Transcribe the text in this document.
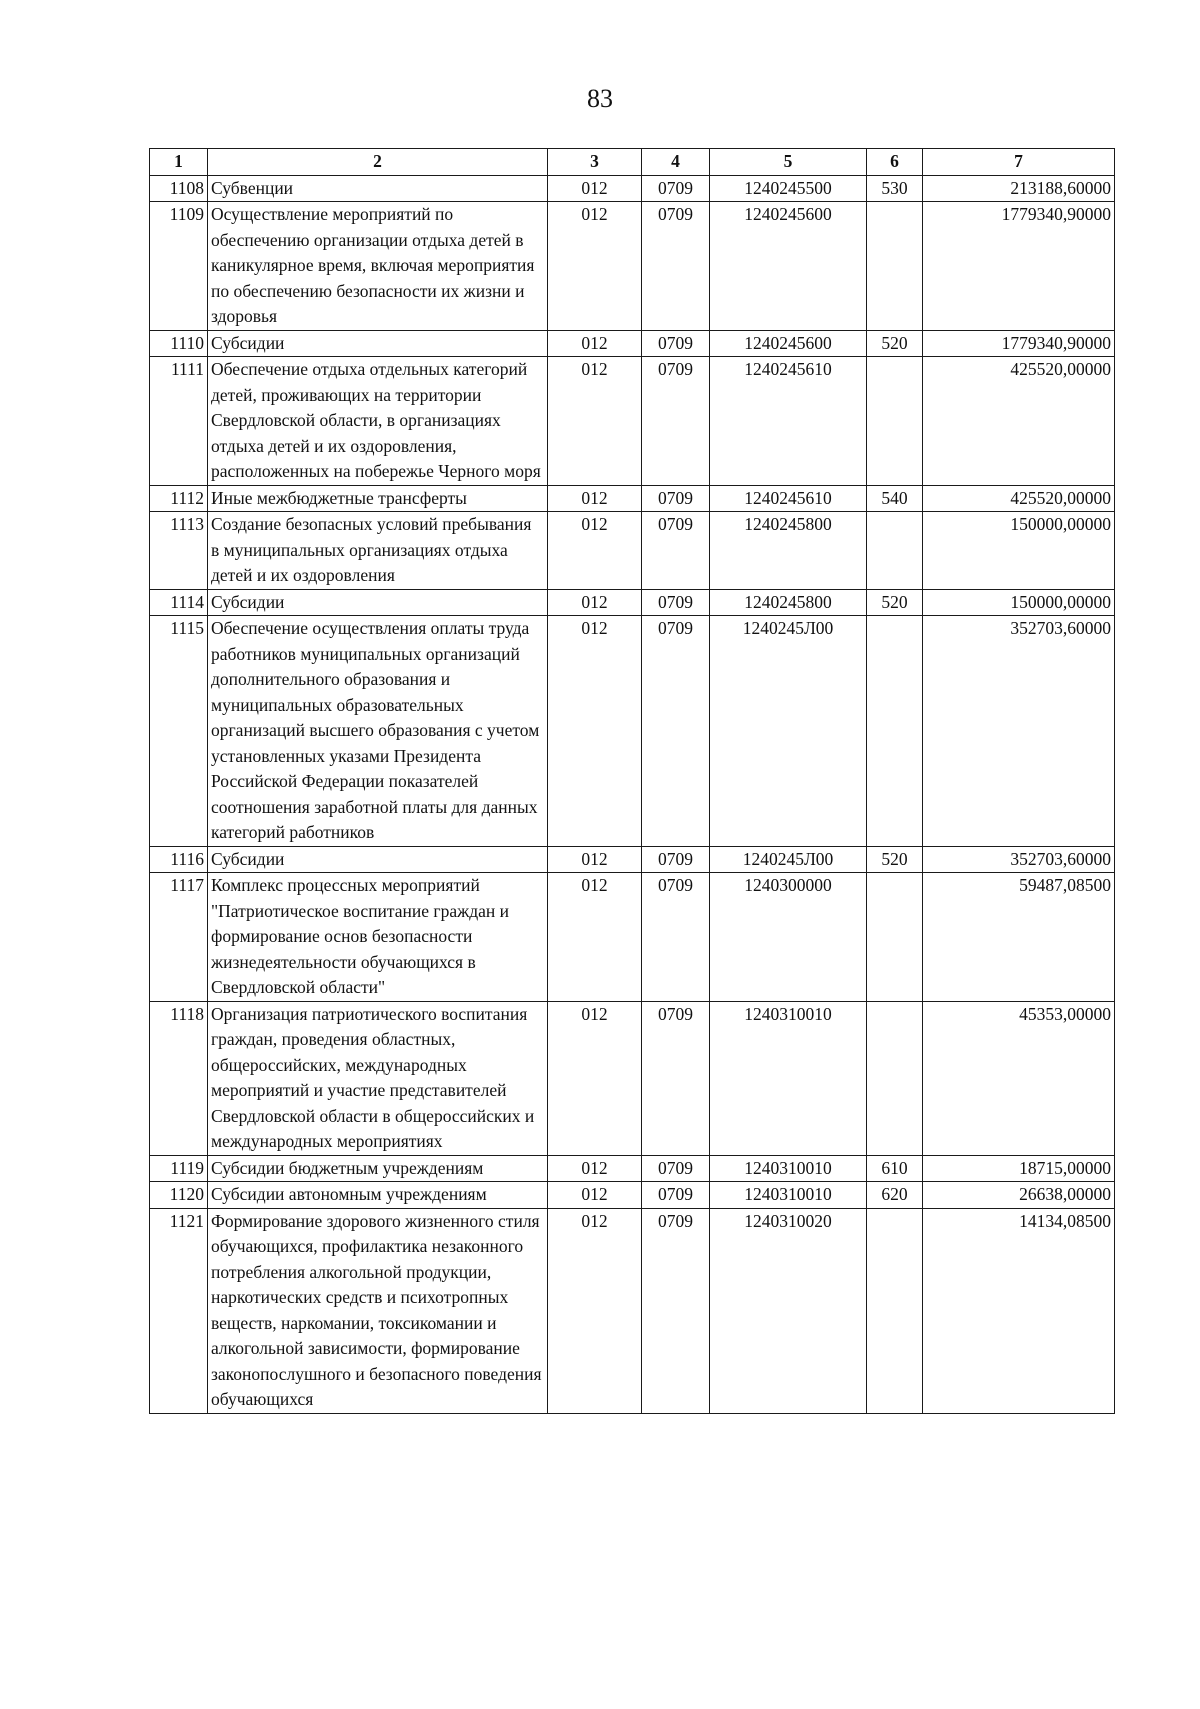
83
1	2	3	4	5	6	7
1108	Субвенции	012	0709	1240245500	530	213188,60000
1109	Осуществление мероприятий по обеспечению организации отдыха детей в каникулярное время, включая мероприятия по обеспечению безопасности их жизни и здоровья	012	0709	1240245600		1779340,90000
1110	Субсидии	012	0709	1240245600	520	1779340,90000
1111	Обеспечение отдыха отдельных категорий детей, проживающих на территории Свердловской области, в организациях отдыха детей и их оздоровления, расположенных на побережье Черного моря	012	0709	1240245610		425520,00000
1112	Иные межбюджетные трансферты	012	0709	1240245610	540	425520,00000
1113	Создание безопасных условий пребывания в муниципальных организациях отдыха детей и их оздоровления	012	0709	1240245800		150000,00000
1114	Субсидии	012	0709	1240245800	520	150000,00000
1115	Обеспечение осуществления оплаты труда работников муниципальных организаций дополнительного образования и муниципальных образовательных организаций высшего образования с учетом установленных указами Президента Российской Федерации показателей соотношения заработной платы для данных категорий работников	012	0709	1240245Л00		352703,60000
1116	Субсидии	012	0709	1240245Л00	520	352703,60000
1117	Комплекс процессных мероприятий "Патриотическое воспитание граждан и формирование основ безопасности жизнедеятельности обучающихся в Свердловской области"	012	0709	1240300000		59487,08500
1118	Организация патриотического воспитания граждан, проведения областных, общероссийских, международных мероприятий и участие представителей Свердловской области в общероссийских и международных мероприятиях	012	0709	1240310010		45353,00000
1119	Субсидии бюджетным учреждениям	012	0709	1240310010	610	18715,00000
1120	Субсидии автономным учреждениям	012	0709	1240310010	620	26638,00000
1121	Формирование здорового жизненного стиля обучающихся, профилактика незаконного потребления алкогольной продукции, наркотических средств и психотропных веществ, наркомании, токсикомании и алкогольной зависимости, формирование законопослушного и безопасного поведения обучающихся	012	0709	1240310020		14134,08500
